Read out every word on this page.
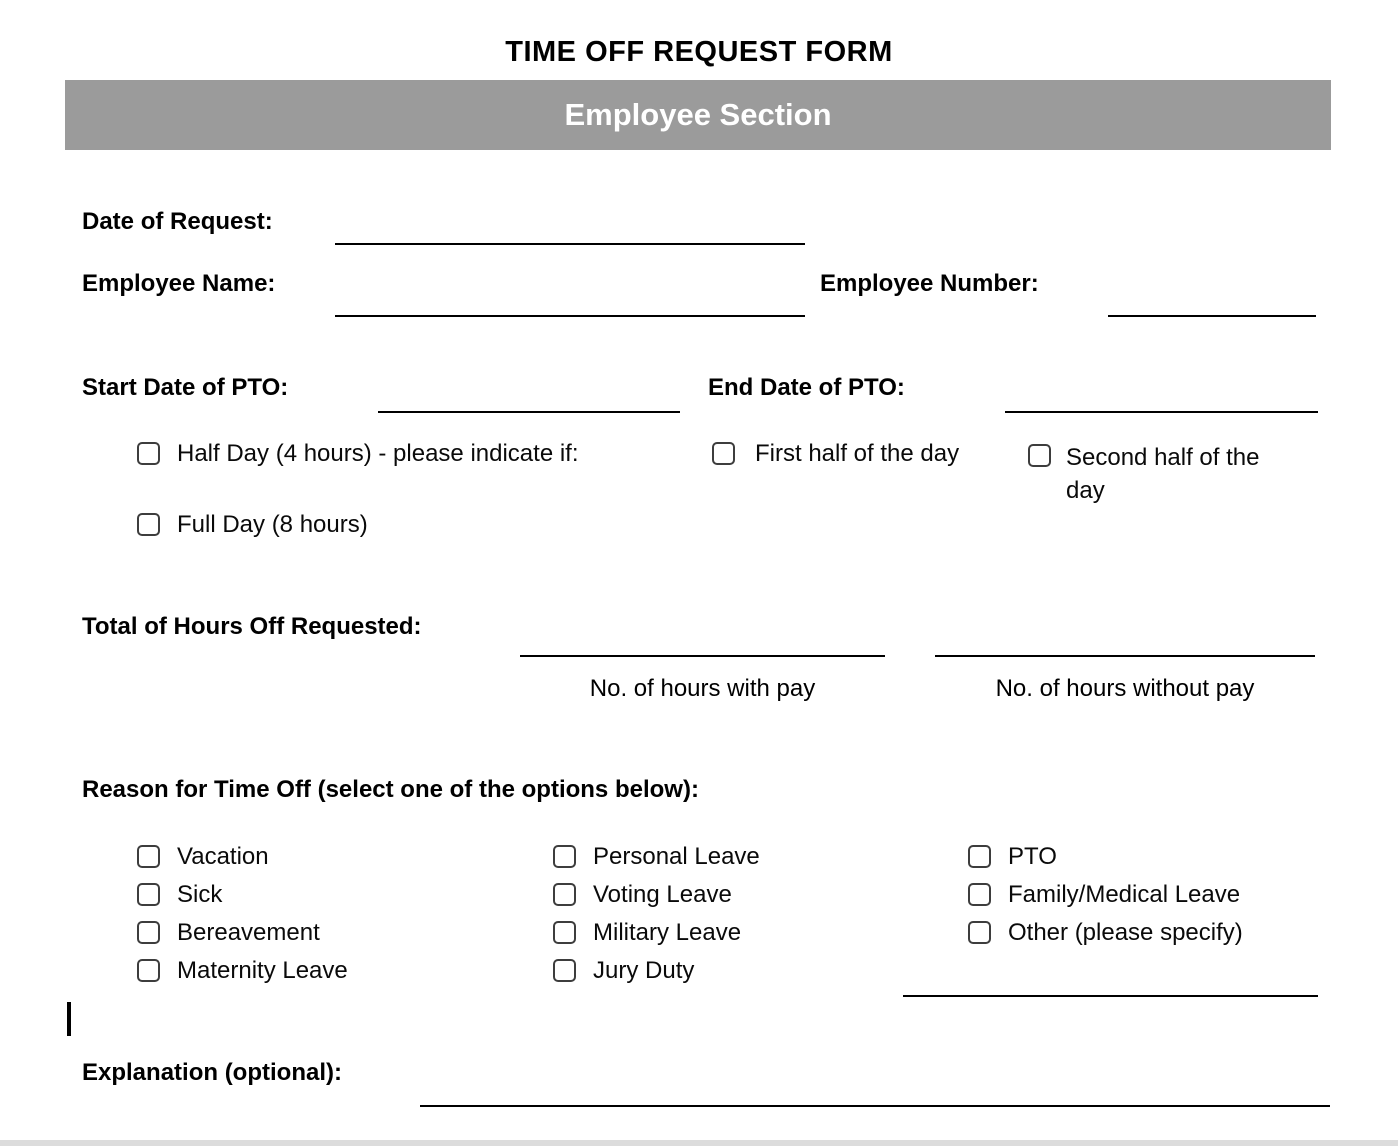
TIME OFF REQUEST FORM
Employee Section
Date of Request:
Employee Name:	Employee Number:
Start Date of PTO:	End Date of PTO:
Half Day (4 hours) - please indicate if:	First half of the day	Second half of the day
Full Day (8 hours)
Total of Hours Off Requested:
No. of hours with pay	No. of hours without pay
Reason for Time Off (select one of the options below):
Vacation
Sick
Bereavement
Maternity Leave
Personal Leave
Voting Leave
Military Leave
Jury Duty
PTO
Family/Medical Leave
Other (please specify)
Explanation (optional):
